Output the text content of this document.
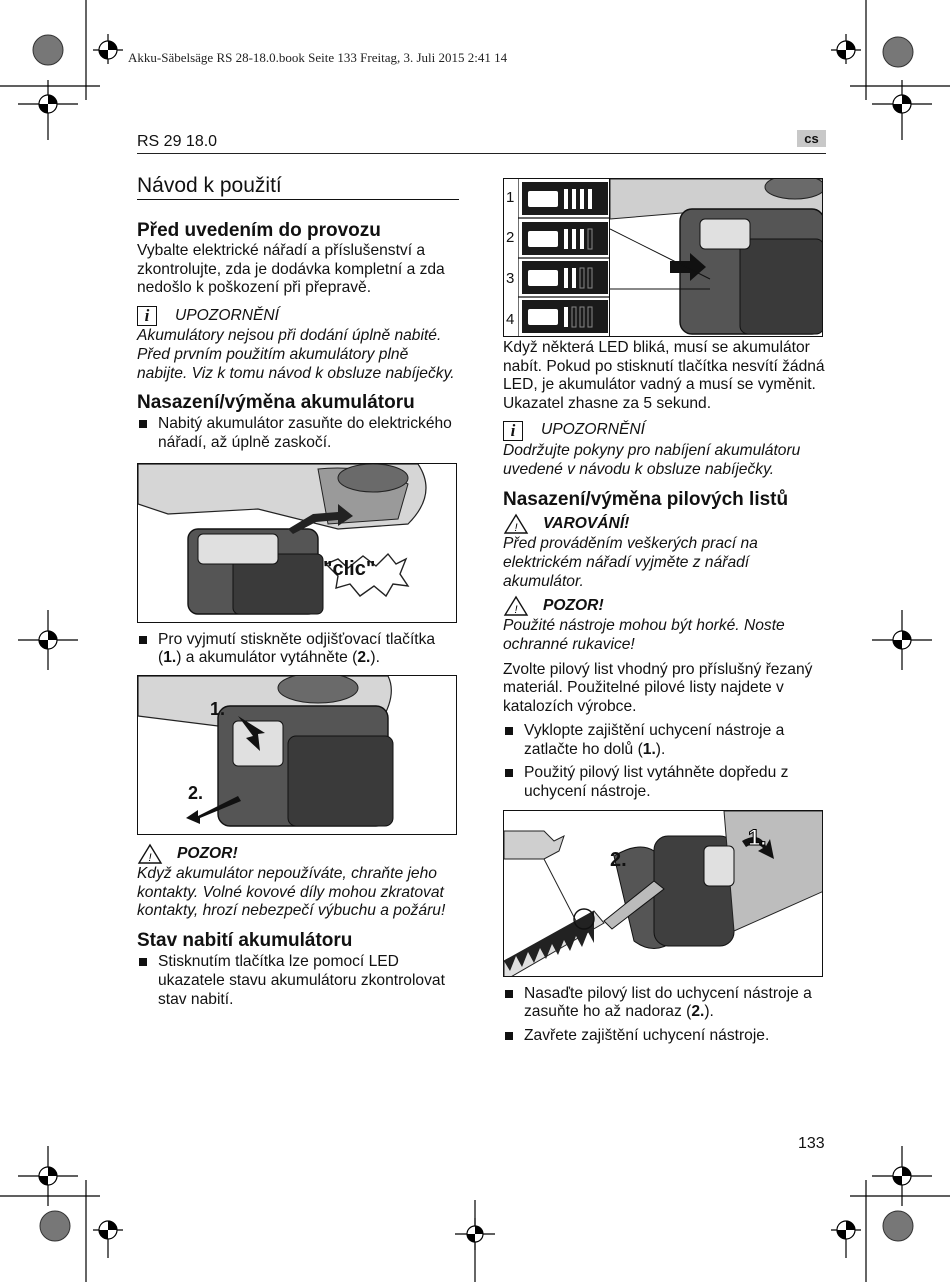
Akku-Säbelsäge RS 28-18.0.book Seite 133 Freitag, 3. Juli 2015 2:41 14
RS 29 18.0	cs
Návod k použití
Před uvedením do provozu

Vybalte elektrické nářadí a příslušenství a zkontrolujte, zda je dodávka kompletní a zda nedošlo k poškození při přepravě.

i	UPOZORNĚNÍ

Akumulátory nejsou při dodání úplně nabité. Před prvním použitím akumulátory plně nabijte. Viz k tomu návod k obsluze nabíječky.

Nasazení/výměna akumulátoru

Nabitý akumulátor zasuňte do elektrického nářadí, až úplně zaskočí.

"clic"

Pro vyjmutí stiskněte odjišťovací tlačítka (1.) a akumulátor vytáhněte (2.).

1.
2.
! POZOR!

Když akumulátor nepoužíváte, chraňte jeho kontakty. Volné kovové díly mohou zkratovat kontakty, hrozí nebezpečí výbuchu a požáru!

Stav nabití akumulátoru

Stisknutím tlačítka lze pomocí LED ukazatele stavu akumulátoru zkontrolovat stav nabití.

1
2
3
4

Když některá LED bliká, musí se akumulátor nabít. Pokud po stisknutí tlačítka nesvítí žádná LED, je akumulátor vadný a musí se vyměnit.

Ukazatel zhasne za 5 sekund.

i	UPOZORNĚNÍ

Dodržujte pokyny pro nabíjení akumulátoru uvedené v návodu k obsluze nabíječky.

Nasazení/výměna pilových listů
! VAROVÁNÍ!

Před prováděním veškerých prací na elektrickém nářadí vyjměte z nářadí akumulátor.

! POZOR!

Použité nástroje mohou být horké. Noste ochranné rukavice!

Zvolte pilový list vhodný pro příslušný řezaný materiál. Použitelné pilové listy najdete v katalozích výrobce.

Vyklopte zajištění uchycení nástroje a zatlačte ho dolů (1.).

Použitý pilový list vytáhněte dopředu z uchycení nástroje.

1.
2.

Nasaďte pilový list do uchycení nástroje a zasuňte ho až nadoraz (2.).

Zavřete zajištění uchycení nástroje.

133
